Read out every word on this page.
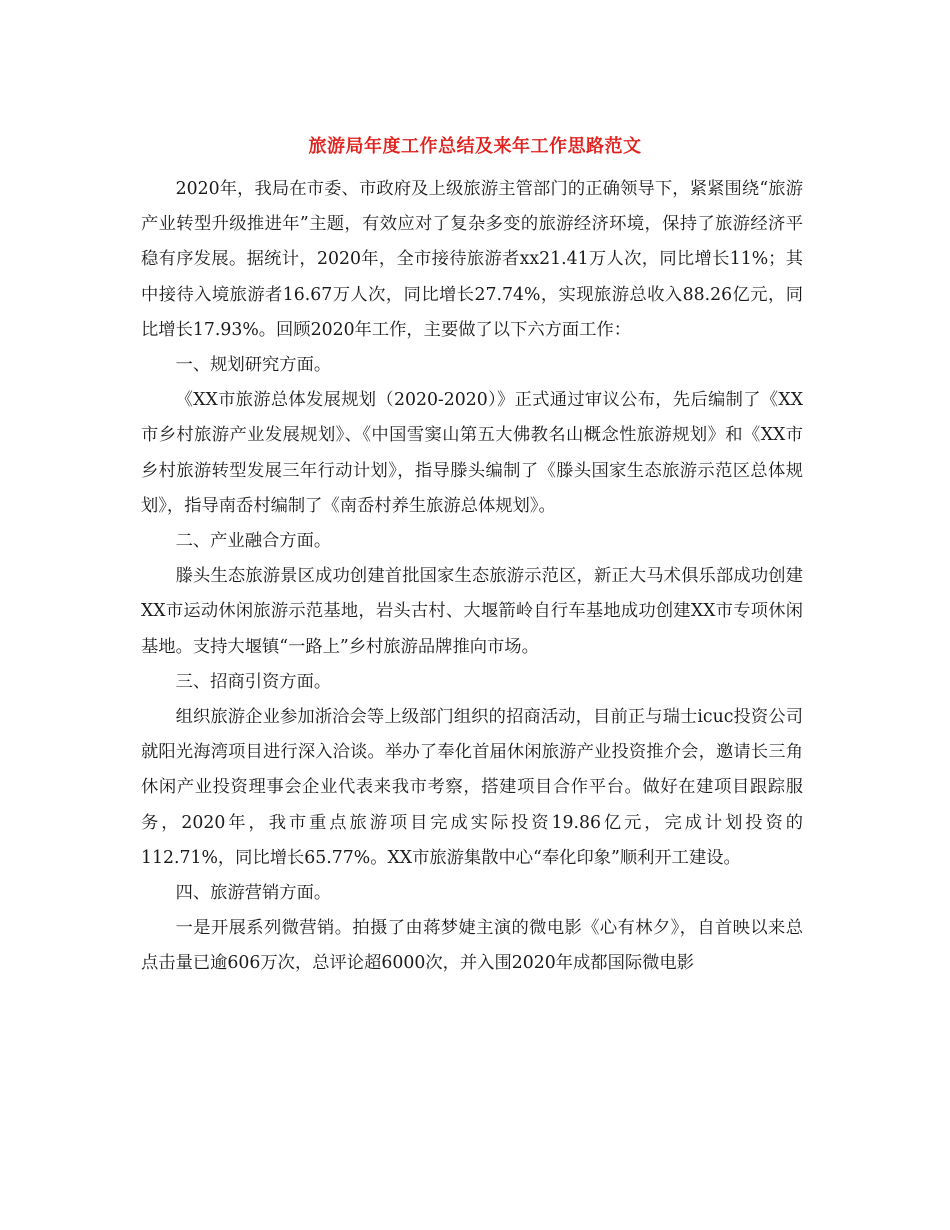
旅游局年度工作总结及来年工作思路范文

2020年，我局在市委、市政府及上级旅游主管部门的正确领导下，紧紧围绕“旅游产业转型升级推进年”主题，有效应对了复杂多变的旅游经济环境，保持了旅游经济平稳有序发展。据统计，2020年，全市接待旅游者xx21.41万人次，同比增长11%；其中接待入境旅游者16.67万人次，同比增长27.74%，实现旅游总收入88.26亿元，同比增长17.93%。回顾2020年工作，主要做了以下六方面工作：

一、规划研究方面。

《XX市旅游总体发展规划（2020-2020）》正式通过审议公布，先后编制了《XX市乡村旅游产业发展规划》、《中国雪窦山第五大佛教名山概念性旅游规划》和《XX市乡村旅游转型发展三年行动计划》，指导滕头编制了《滕头国家生态旅游示范区总体规划》，指导南岙村编制了《南岙村养生旅游总体规划》。

二、产业融合方面。

滕头生态旅游景区成功创建首批国家生态旅游示范区，新正大马术俱乐部成功创建XX市运动休闲旅游示范基地，岩头古村、大堰箭岭自行车基地成功创建XX市专项休闲基地。支持大堰镇“一路上”乡村旅游品牌推向市场。

三、招商引资方面。

组织旅游企业参加浙洽会等上级部门组织的招商活动，目前正与瑞士icuc投资公司就阳光海湾项目进行深入洽谈。举办了奉化首届休闲旅游产业投资推介会，邀请长三角休闲产业投资理事会企业代表来我市考察，搭建项目合作平台。做好在建项目跟踪服务，2020年，我市重点旅游项目完成实际投资19.86亿元，完成计划投资的112.71%，同比增长65.77%。XX市旅游集散中心“奉化印象”顺利开工建设。

四、旅游营销方面。

一是开展系列微营销。拍摄了由蒋梦婕主演的微电影《心有林夕》，自首映以来总点击量已逾606万次，总评论超6000次，并入围2020年成都国际微电影
